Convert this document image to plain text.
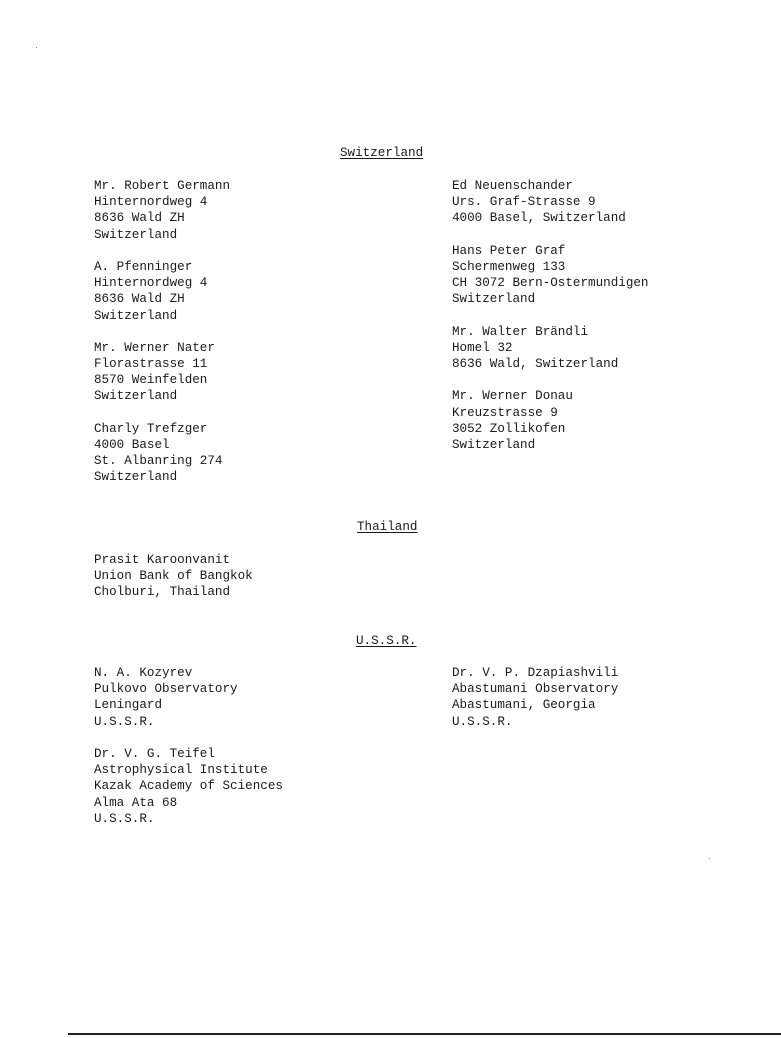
Switzerland
Mr. Robert Germann
Hinternordweg 4
8636 Wald ZH
Switzerland
A. Pfenninger
Hinternordweg 4
8636 Wald ZH
Switzerland
Mr. Werner Nater
Florastrasse 11
8570 Weinfelden
Switzerland
Charly Trefzger
4000 Basel
St. Albanring 274
Switzerland
Ed Neuenschander
Urs. Graf-Strasse 9
4000 Basel, Switzerland
Hans Peter Graf
Schermenweg 133
CH 3072 Bern-Ostermundigen
Switzerland
Mr. Walter Brändli
Homel 32
8636 Wald, Switzerland
Mr. Werner Donau
Kreuzstrasse 9
3052 Zollikofen
Switzerland
Thailand
Prasit Karoonvanit
Union Bank of Bangkok
Cholburi, Thailand
U.S.S.R.
N. A. Kozyrev
Pulkovo Observatory
Leningard
U.S.S.R.
Dr. V. G. Teifel
Astrophysical Institute
Kazak Academy of Sciences
Alma Ata 68
U.S.S.R.
Dr. V. P. Dzapiashvili
Abastumani Observatory
Abastumani, Georgia
U.S.S.R.
